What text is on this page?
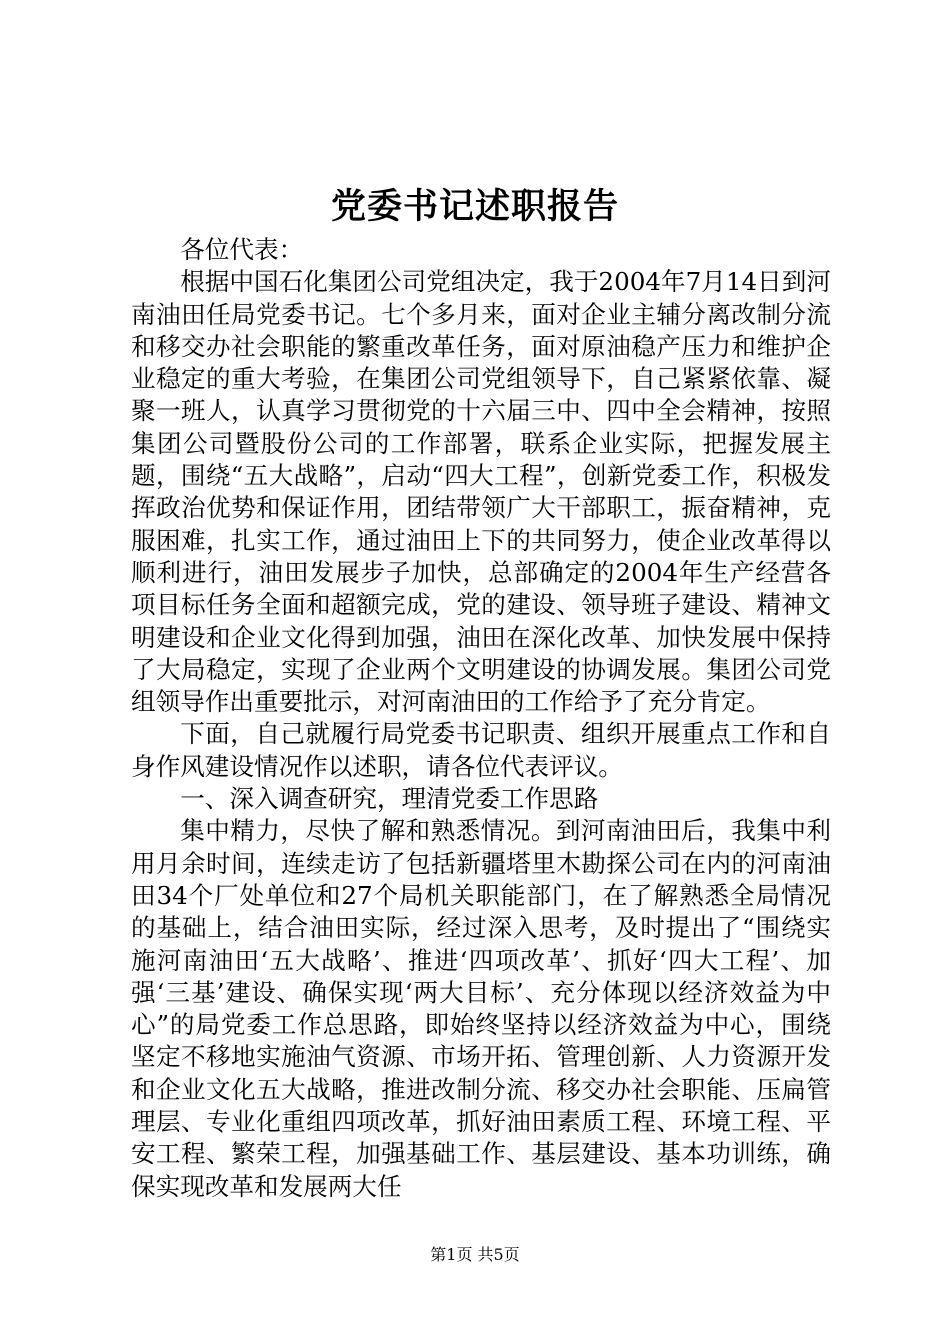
党委书记述职报告

各位代表：

根据中国石化集团公司党组决定，我于2004年7月14日到河南油田任局党委书记。七个多月来，面对企业主辅分离改制分流和移交办社会职能的繁重改革任务，面对原油稳产压力和维护企业稳定的重大考验，在集团公司党组领导下，自己紧紧依靠、凝聚一班人，认真学习贯彻党的十六届三中、四中全会精神，按照集团公司暨股份公司的工作部署，联系企业实际，把握发展主题，围绕“五大战略”，启动“四大工程”，创新党委工作，积极发挥政治优势和保证作用，团结带领广大干部职工，振奋精神，克服困难，扎实工作，通过油田上下的共同努力，使企业改革得以顺利进行，油田发展步子加快，总部确定的2004年生产经营各项目标任务全面和超额完成，党的建设、领导班子建设、精神文明建设和企业文化得到加强，油田在深化改革、加快发展中保持了大局稳定，实现了企业两个文明建设的协调发展。集团公司党组领导作出重要批示，对河南油田的工作给予了充分肯定。

下面，自己就履行局党委书记职责、组织开展重点工作和自身作风建设情况作以述职，请各位代表评议。

一、深入调查研究，理清党委工作思路

集中精力，尽快了解和熟悉情况。到河南油田后，我集中利用月余时间，连续走访了包括新疆塔里木勘探公司在内的河南油田34个厂处单位和27个局机关职能部门，在了解熟悉全局情况的基础上，结合油田实际，经过深入思考，及时提出了“围绕实施河南油田‘五大战略’、推进‘四项改革’、抓好‘四大工程’、加强‘三基’建设、确保实现‘两大目标’、充分体现以经济效益为中心”的局党委工作总思路，即始终坚持以经济效益为中心，围绕坚定不移地实施油气资源、市场开拓、管理创新、人力资源开发和企业文化五大战略，推进改制分流、移交办社会职能、压扁管理层、专业化重组四项改革，抓好油田素质工程、环境工程、平安工程、繁荣工程，加强基础工作、基层建设、基本功训练，确保实现改革和发展两大任

第1页 共5页
